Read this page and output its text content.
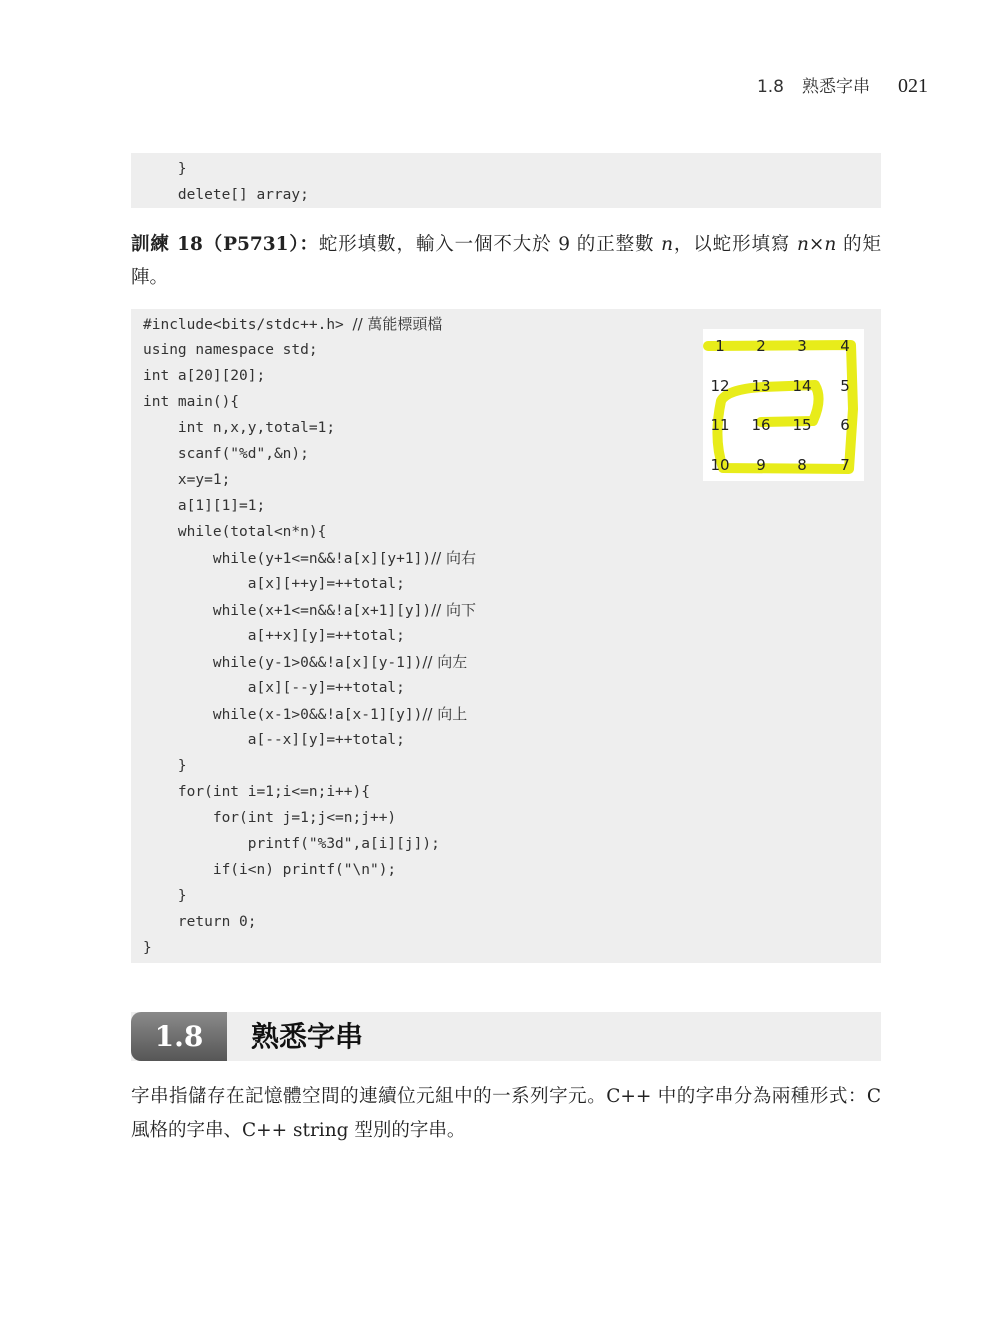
1.8 熟悉字串 021
}
delete[] array;
訓練 18（P5731）：蛇形填數，輸入一個不大於 9 的正整數 n，以蛇形填寫 n×n 的矩陣。
#include<bits/stdc++.h> // 萬能標頭檔
using namespace std;
int a[20][20];
int main(){
int n,x,y,total=1;
scanf("%d",&n);
x=y=1;
a[1][1]=1;
while(total<n*n){
while(y+1<=n&&!a[x][y+1])// 向右
a[x][++y]=++total;
while(x+1<=n&&!a[x+1][y])// 向下
a[++x][y]=++total;
while(y-1>0&&!a[x][y-1])// 向左
a[x][--y]=++total;
while(x-1>0&&!a[x-1][y])// 向上
a[--x][y]=++total;
}
for(int i=1;i<=n;i++){
for(int j=1;j<=n;j++)
printf("%3d",a[i][j]);
if(i<n) printf("\n");
}
return 0;
}
1 2 3 4
12 13 14 5
11 16 15 6
10 9 8 7
1.8	熟悉字串
字串指儲存在記憶體空間的連續位元組中的一系列字元。C++ 中的字串分為兩種形式：C 風格的字串、C++ string 型別的字串。
